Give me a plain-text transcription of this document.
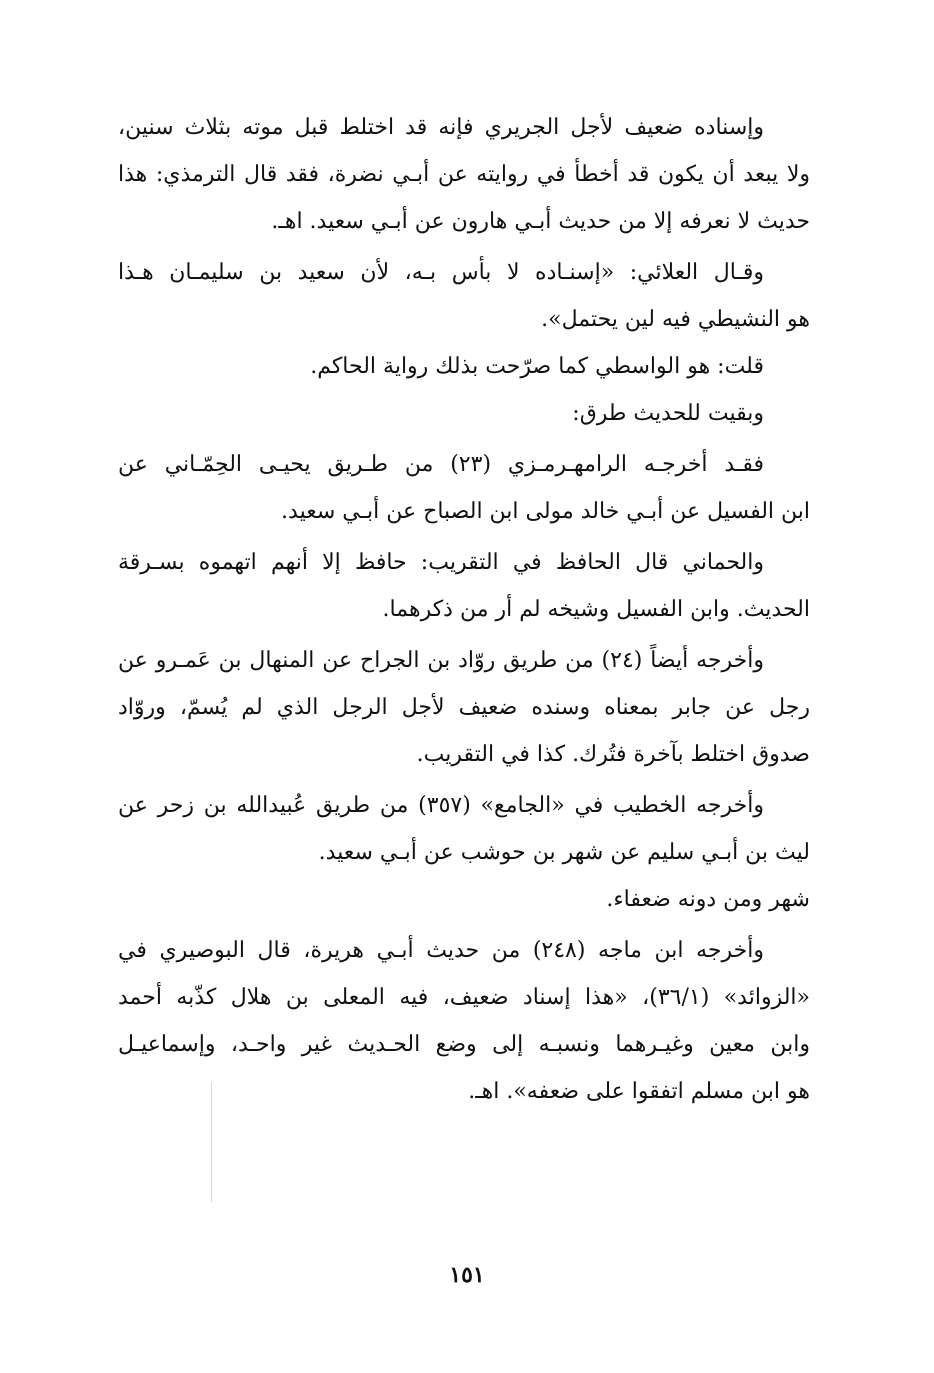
وإسناده ضعيف لأجل الجريري فإنه قد اختلط قبل موته بثلاث سنين،
ولا يبعد أن يكون قد أخطأ في روايته عن أبـي نضرة، فقد قال الترمذي: هذا
حديث لا نعرفه إلا من حديث أبـي هارون عن أبـي سعيد. اهـ.
وقـال العلائي: «إسنـاده لا بأس بـه، لأن سعيد بن سليمـان هـذا
هو النشيطي فيه لين يحتمل».
قلت: هو الواسطي كما صرّحت بذلك رواية الحاكم.
وبقيت للحديث طرق:
فقـد أخرجـه الرامهـرمـزي (٢٣) من طـريق يحيـى الحِمّـاني عن
ابن الفسيل عن أبـي خالد مولى ابن الصباح عن أبـي سعيد.
والحماني قال الحافظ في التقريب: حافظ إلا أنهم اتهموه بسـرقة
الحديث. وابن الفسيل وشيخه لم أر من ذكرهما.
وأخرجه أيضاً (٢٤) من طريق روّاد بن الجراح عن المنهال بن عَمـرو عن
رجل عن جابر بمعناه وسنده ضعيف لأجل الرجل الذي لم يُسمّ، وروّاد
صدوق اختلط بآخرة فتُرك. كذا في التقريب.
وأخرجه الخطيب في «الجامع» (٣٥٧) من طريق عُبيدالله بن زحر عن
ليث بن أبـي سليم عن شهر بن حوشب عن أبـي سعيد.
شهر ومن دونه ضعفاء.
وأخرجه ابن ماجه (٢٤٨) من حديث أبـي هريرة، قال البوصيري في
«الزوائد» (٣٦/١)، «هذا إسناد ضعيف، فيه المعلى بن هلال كذّبه أحمد
وابن معين وغيـرهما ونسبـه إلى وضع الحـديث غير واحـد، وإسماعيـل
هو ابن مسلم اتفقوا على ضعفه». اهـ.
١٥١
